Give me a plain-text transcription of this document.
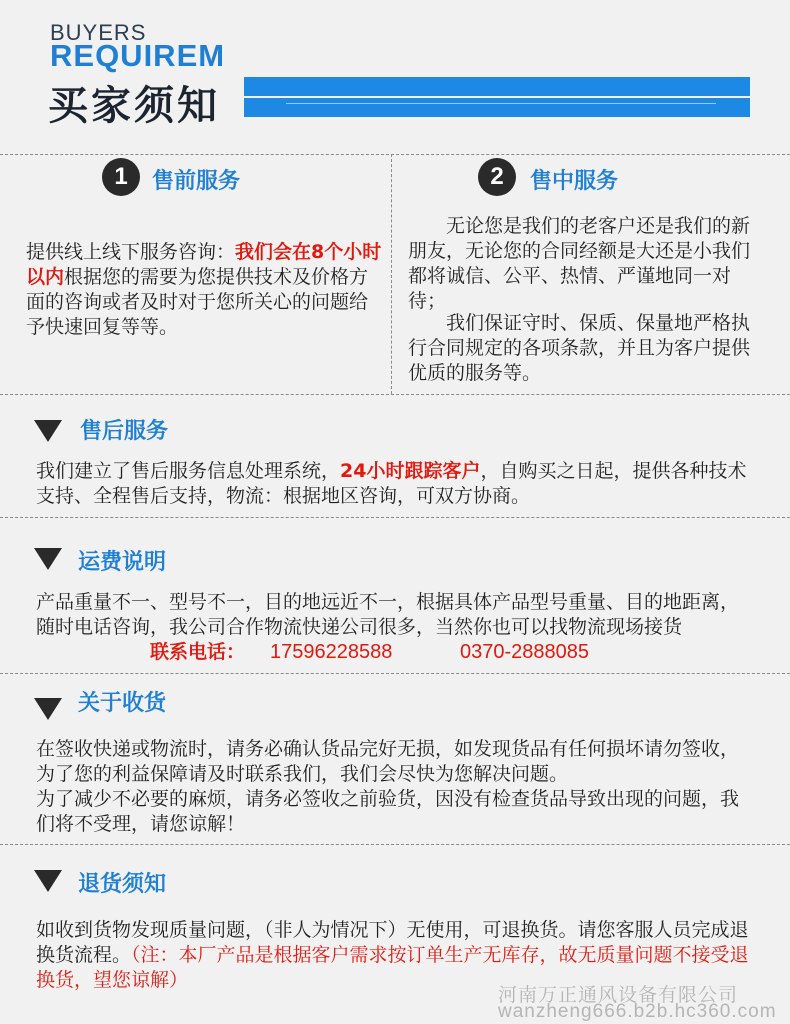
BUYERS
REQUIREM
买家须知
1	售前服务
提供线上线下服务咨询：我们会在8个小时以内根据您的需要为您提供技术及价格方面的咨询或者及时对于您所关心的问题给予快速回复等等。
2	售中服务
无论您是我们的老客户还是我们的新朋友，无论您的合同经额是大还是小我们都将诚信、公平、热情、严谨地同一对待；
我们保证守时、保质、保量地严格执行合同规定的各项条款，并且为客户提供优质的服务等。
售后服务
我们建立了售后服务信息处理系统，24小时跟踪客户，自购买之日起，提供各种技术支持、全程售后支持，物流：根据地区咨询，可双方协商。
运费说明
产品重量不一、型号不一，目的地远近不一，根据具体产品型号重量、目的地距离，随时电话咨询，我公司合作物流快递公司很多，当然你也可以找物流现场接货
联系电话： 17596228588	0370-2888085
关于收货
在签收快递或物流时，请务必确认货品完好无损，如发现货品有任何损坏请勿签收，为了您的利益保障请及时联系我们，我们会尽快为您解决问题。
为了减少不必要的麻烦，请务必签收之前验货，因没有检查货品导致出现的问题，我们将不受理，请您谅解！
退货须知
如收到货物发现质量问题，（非人为情况下）无使用，可退换货。请您客服人员完成退换货流程。（注：本厂产品是根据客户需求按订单生产无库存，故无质量问题不接受退换货，望您谅解）
河南万正通风设备有限公司
wanzheng666.b2b.hc360.com
